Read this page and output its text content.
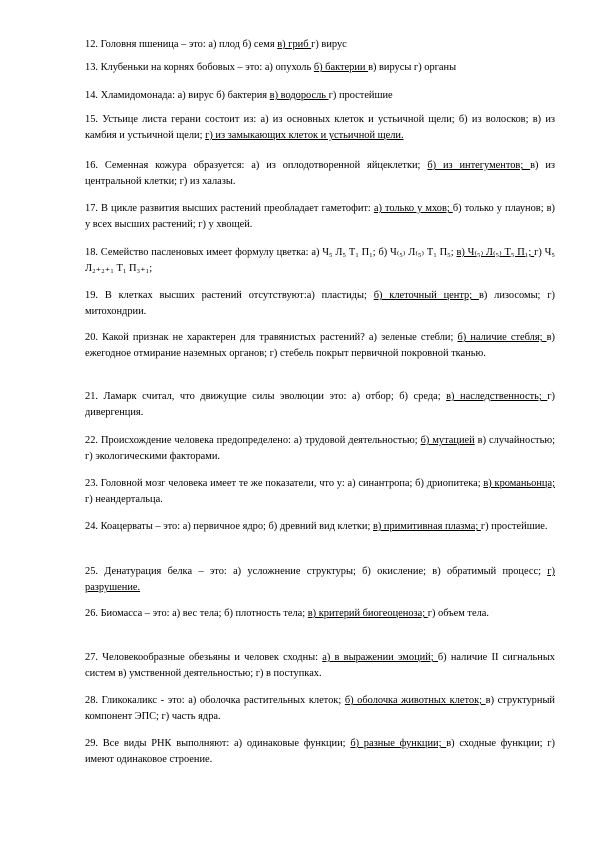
12. Головня пшеница – это: а) плод б) семя в) гриб г) вирус
13. Клубеньки на корнях бобовых – это: а) опухоль б) бактерии в) вирусы г) органы
14. Хламидомонада: а) вирус б) бактерия в) водоросль г) простейшие
15. Устьице листа герани состоит из: а) из основных клеток и устьичной щели; б) из волосков; в) из камбия и устьичной щели; г) из замыкающих клеток и устьичной щели.
16. Семенная кожура образуется: а) из оплодотворенной яйцеклетки; б) из интегументов; в) из центральной клетки; г) из халазы.
17. В цикле развития высших растений преобладает гаметофит: а) только у мхов; б) только у плаунов; в) у всех высших растений; г) у хвощей.
18. Семейство пасленовых имеет формулу цветка: а) Ч₅ Л₅ Т₁ П₁; б) Ч₍₅₎ Л₍₅₎ Т₁ П₅; в) Ч₍₅₎ Л₍₅₎ Т₅ П₁; г) Ч₅ Л₂₊₂₊₁ Т₁ П₃₊₁;
19. В клетках высших растений отсутствуют:а) пластиды; б) клеточный центр; в) лизосомы; г) митохондрии.
20. Какой признак не характерен для травянистых растений? а) зеленые стебли; б) наличие стебля; в) ежегодное отмирание наземных органов; г) стебель покрыт первичной покровной тканью.
21. Ламарк считал, что движущие силы эволюции это: а) отбор; б) среда; в) наследственность; г) дивергенция.
22. Происхождение человека предопределено: а) трудовой деятельностью; б) мутацией в) случайностью; г) экологическими факторами.
23. Головной мозг человека имеет те же показатели, что у: а) синантропа; б) дриопитека; в) кроманьонца; г) неандертальца.
24. Коацерваты – это: а) первичное ядро; б) древний вид клетки; в) примитивная плазма; г) простейшие.
25. Денатурация белка – это: а) усложнение структуры; б) окисление; в) обратимый процесс; г) разрушение.
26. Биомасса – это: а) вес тела; б) плотность тела; в) критерий биогеоценоза; г) объем тела.
27. Человекообразные обезьяны и человек сходны: а) в выражении эмоций; б) наличие II сигнальных систем в) умственной деятельностью; г) в поступках.
28. Гликокаликс - это: а) оболочка растительных клеток; б) оболочка животных клеток; в) структурный компонент ЭПС; г) часть ядра.
29. Все виды РНК выполняют: а) одинаковые функции; б) разные функции; в) сходные функции; г) имеют одинаковое строение.
